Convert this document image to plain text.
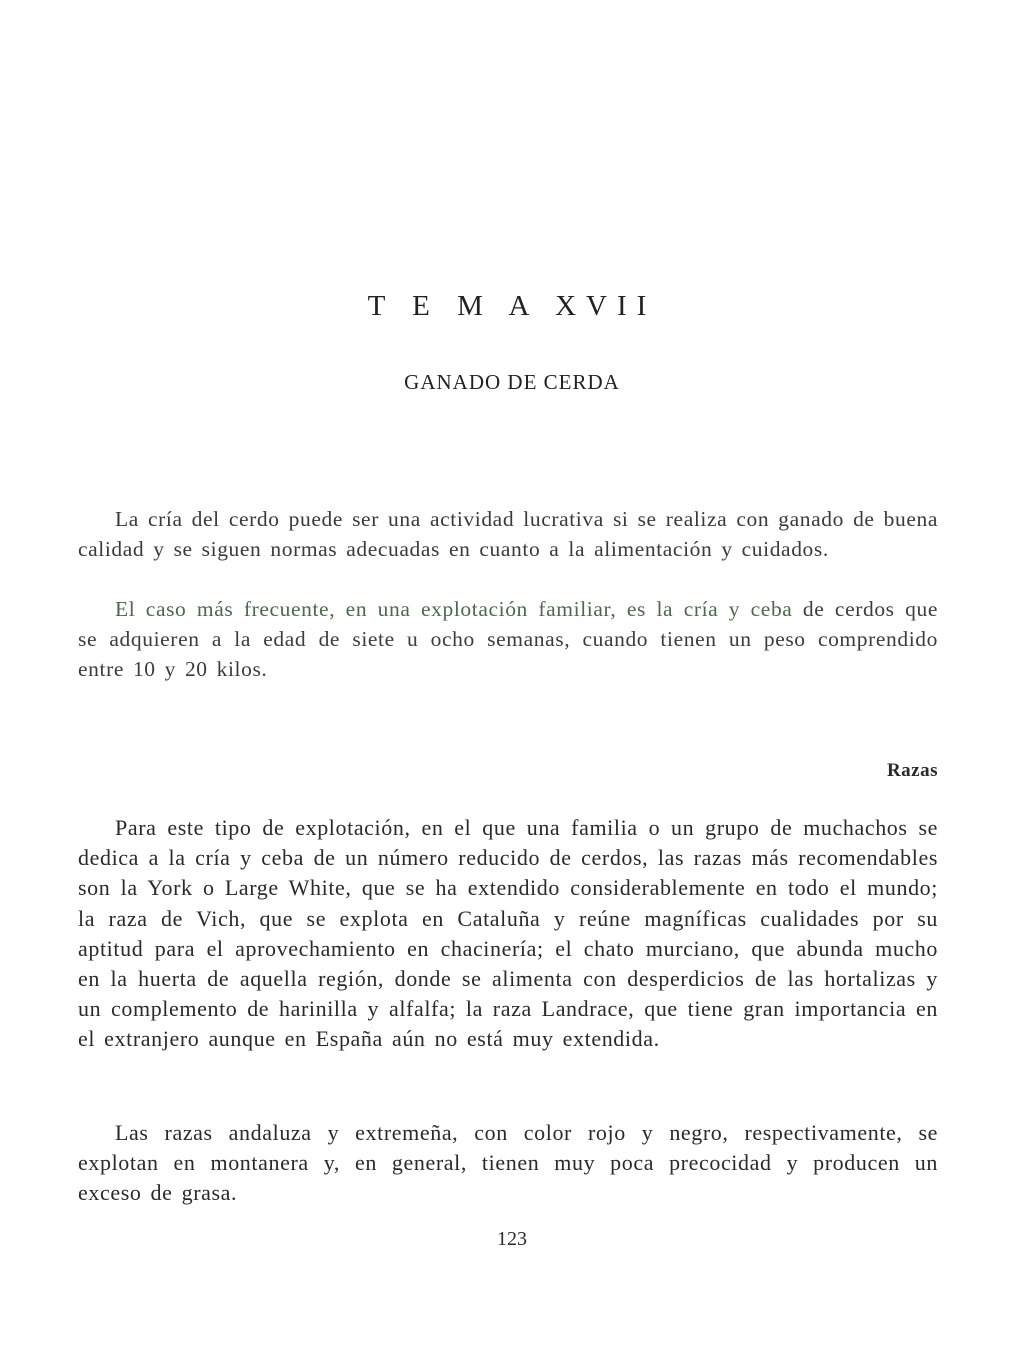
T E M A XVII
GANADO DE CERDA

La cría del cerdo puede ser una actividad lucrativa si se realiza con ganado de buena calidad y se siguen normas adecuadas en cuanto a la alimentación y cuidados.

El caso más frecuente, en una explotación familiar, es la cría y ceba de cerdos que se adquieren a la edad de siete u ocho semanas, cuando tienen un peso comprendido entre 10 y 20 kilos.

Razas

Para este tipo de explotación, en el que una familia o un grupo de muchachos se dedica a la cría y ceba de un número reducido de cerdos, las razas más recomendables son la York o Large White, que se ha extendido considerablemente en todo el mundo; la raza de Vich, que se explota en Cataluña y reúne magníficas cualidades por su aptitud para el aprovechamiento en chacinería; el chato murciano, que abunda mucho en la huerta de aquella región, donde se alimenta con desperdicios de las hortalizas y un complemento de harinilla y alfalfa; la raza Landrace, que tiene gran importancia en el extranjero aunque en España aún no está muy extendida.

Las razas andaluza y extremeña, con color rojo y negro, respectivamente, se explotan en montanera y, en general, tienen muy poca precocidad y producen un exceso de grasa.

123
